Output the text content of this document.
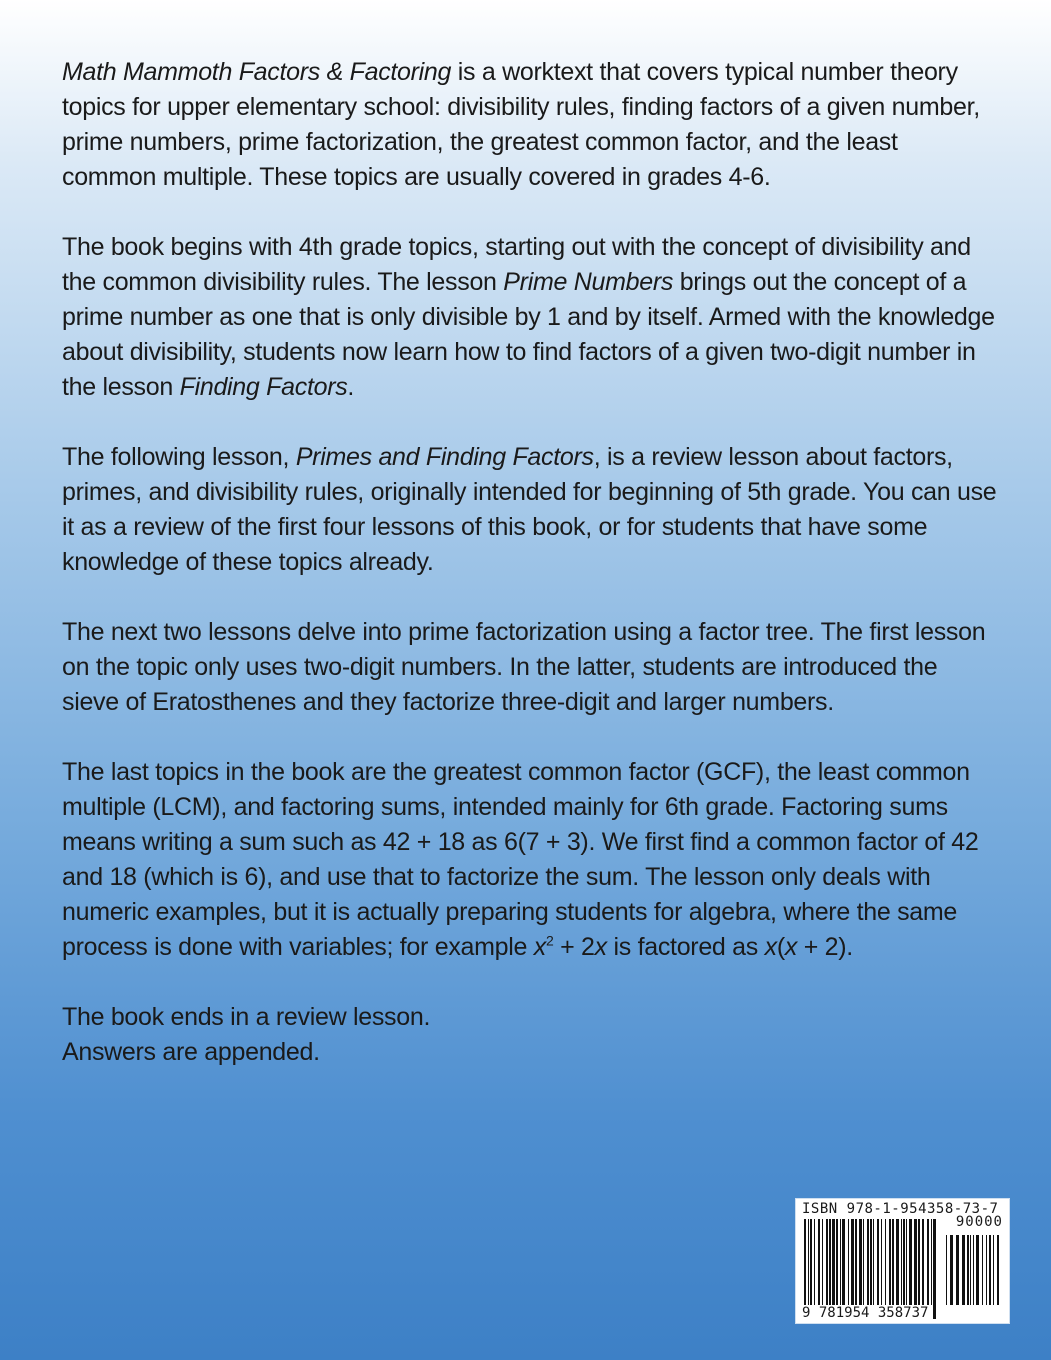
Math Mammoth Factors & Factoring is a worktext that covers typical number theory topics for upper elementary school: divisibility rules, finding factors of a given number, prime numbers, prime factorization, the greatest common factor, and the least common multiple. These topics are usually covered in grades 4-6.

The book begins with 4th grade topics, starting out with the concept of divisibility and the common divisibility rules. The lesson Prime Numbers brings out the concept of a prime number as one that is only divisible by 1 and by itself. Armed with the knowledge about divisibility, students now learn how to find factors of a given two-digit number in the lesson Finding Factors.

The following lesson, Primes and Finding Factors, is a review lesson about factors, primes, and divisibility rules, originally intended for beginning of 5th grade. You can use it as a review of the first four lessons of this book, or for students that have some knowledge of these topics already.

The next two lessons delve into prime factorization using a factor tree. The first lesson on the topic only uses two-digit numbers. In the latter, students are introduced the sieve of Eratosthenes and they factorize three-digit and larger numbers.

The last topics in the book are the greatest common factor (GCF), the least common multiple (LCM), and factoring sums, intended mainly for 6th grade. Factoring sums means writing a sum such as 42 + 18 as 6(7 + 3). We first find a common factor of 42 and 18 (which is 6), and use that to factorize the sum. The lesson only deals with numeric examples, but it is actually preparing students for algebra, where the same process is done with variables; for example $x^2 + 2x$ is factored as x(x + 2).

The book ends in a review lesson.

Answers are appended.

ISBN 978-1-954358-73-7
90000
9 781954 358737
